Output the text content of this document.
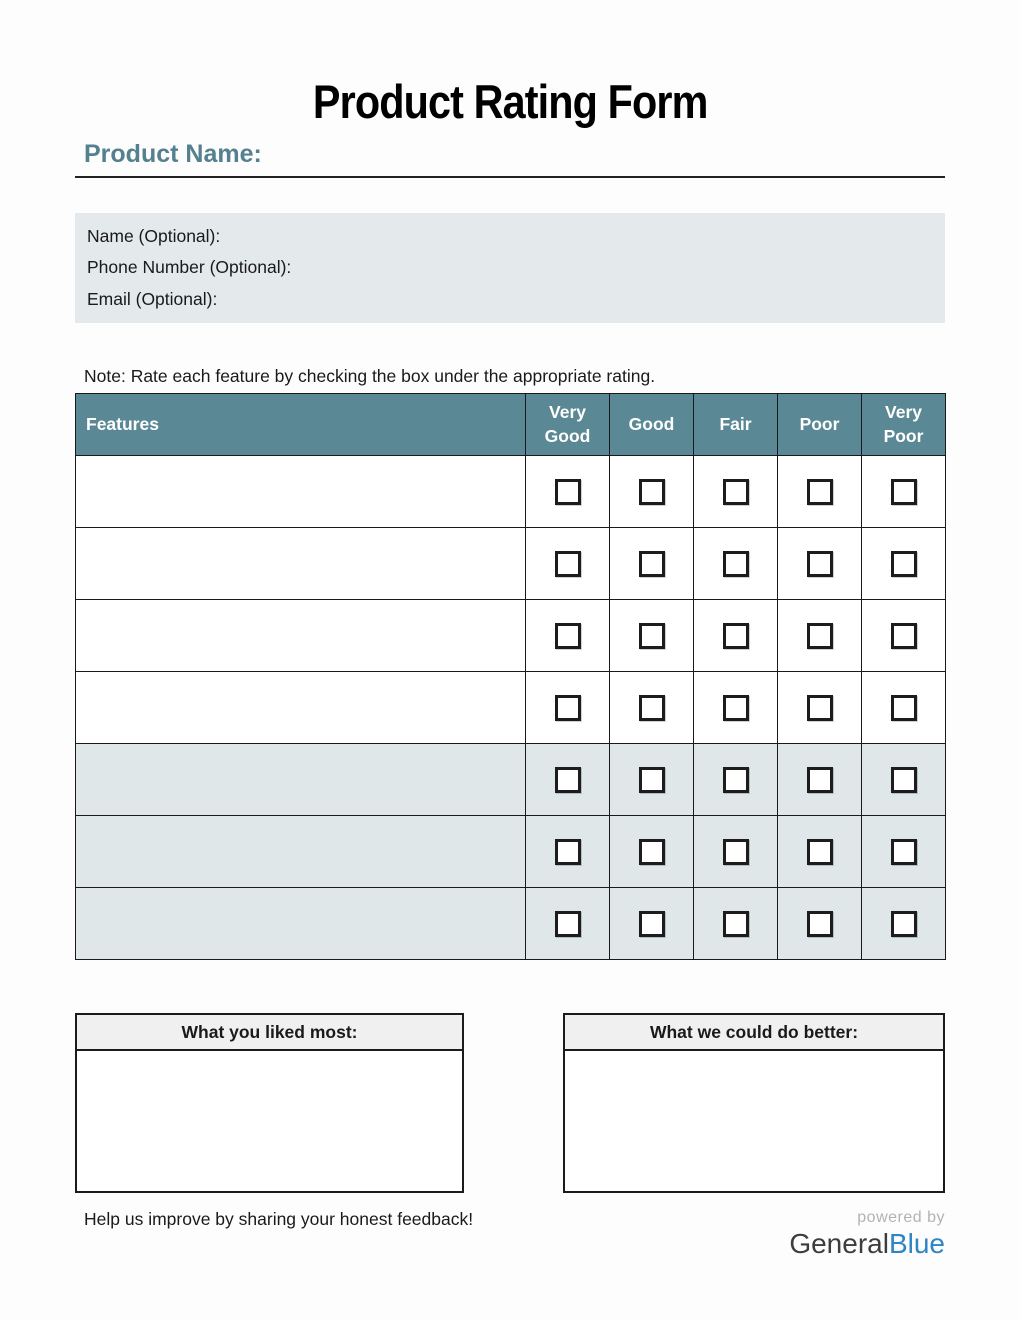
Product Rating Form
Product Name:
Name (Optional):
Phone Number (Optional):
Email (Optional):
Note: Rate each feature by checking the box under the appropriate rating.
Features	Very Good	Good	Fair	Poor	Very Poor

What you liked most:	What we could do better:
Help us improve by sharing your honest feedback!	powered by
GeneralBlue
